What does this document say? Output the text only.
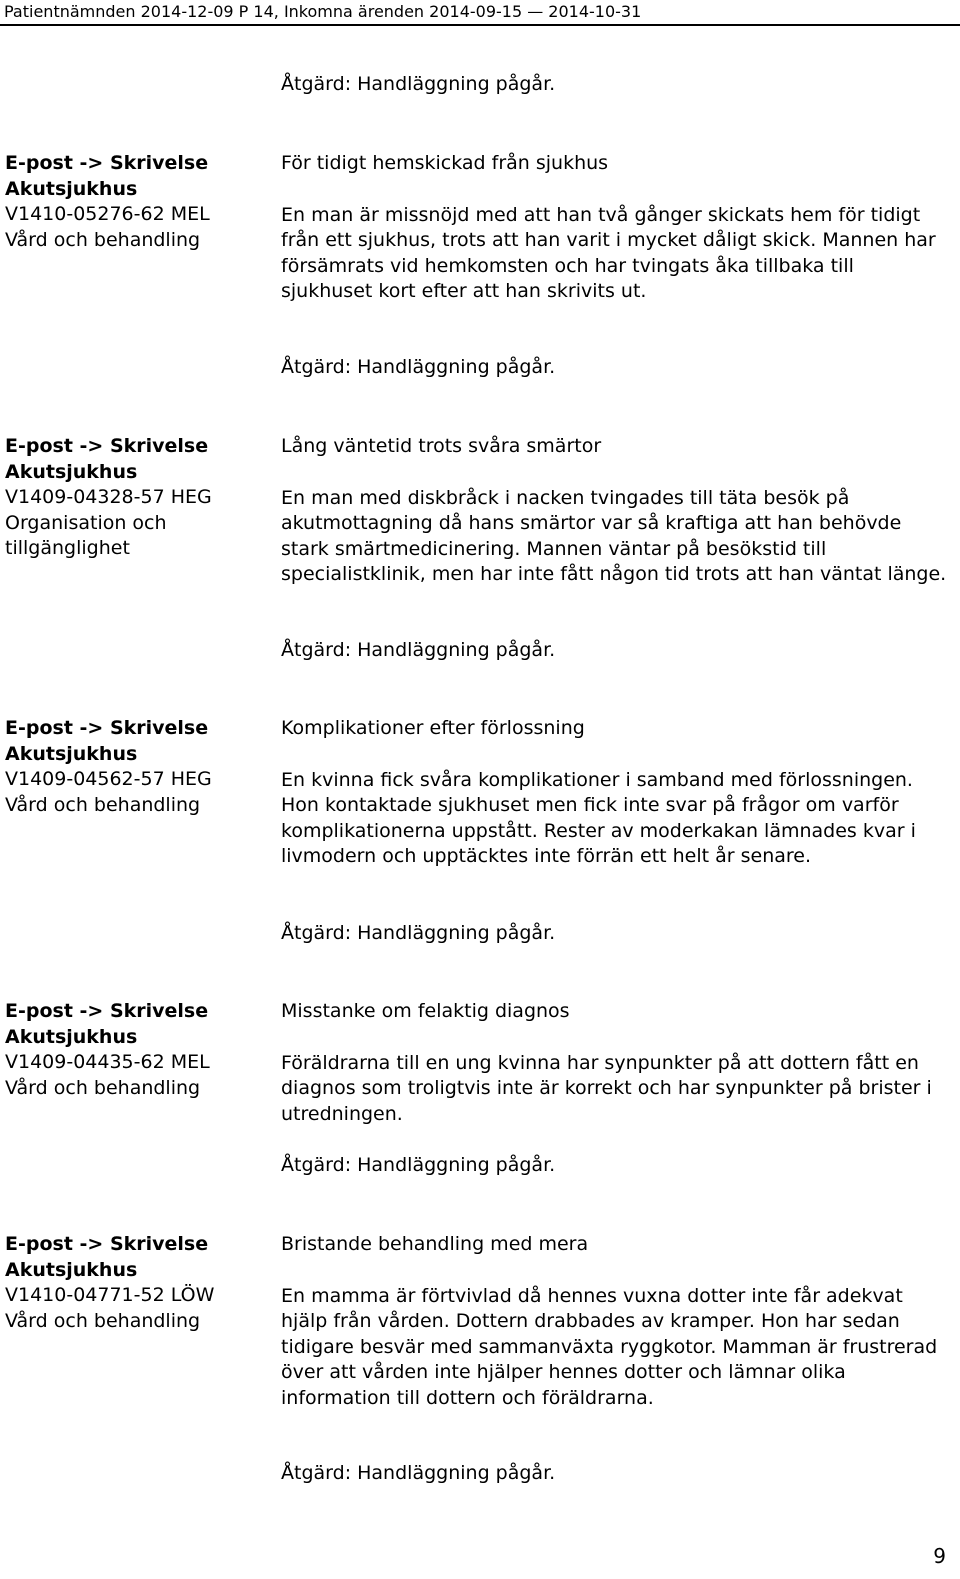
Patientnämnden 2014-12-09 P 14, Inkomna ärenden 2014-09-15 — 2014-10-31
Åtgärd: Handläggning pågår.
E-post -> Skrivelse
Akutsjukhus
V1410-05276-62 MEL
Vård och behandling
För tidigt hemskickad från sjukhus
En man är missnöjd med att han två gånger skickats hem för tidigt från ett sjukhus, trots att han varit i mycket dåligt skick. Mannen har försämrats vid hemkomsten och har tvingats åka tillbaka till sjukhuset kort efter att han skrivits ut.
Åtgärd: Handläggning pågår.
E-post -> Skrivelse
Akutsjukhus
V1409-04328-57 HEG
Organisation och tillgänglighet
Lång väntetid trots svåra smärtor
En man med diskbråck i nacken tvingades till täta besök på akutmottagning då hans smärtor var så kraftiga att han behövde stark smärtmedicinering. Mannen väntar på besökstid till specialistklinik, men har inte fått någon tid trots att han väntat länge.
Åtgärd: Handläggning pågår.
E-post -> Skrivelse
Akutsjukhus
V1409-04562-57 HEG
Vård och behandling
Komplikationer efter förlossning
En kvinna fick svåra komplikationer i samband med förlossningen. Hon kontaktade sjukhuset men fick inte svar på frågor om varför komplikationerna uppstått. Rester av moderkakan lämnades kvar i livmodern och upptäcktes inte förrän ett helt år senare.
Åtgärd: Handläggning pågår.
E-post -> Skrivelse
Akutsjukhus
V1409-04435-62 MEL
Vård och behandling
Misstanke om felaktig diagnos
Föräldrarna till en ung kvinna har synpunkter på att dottern fått en diagnos som troligtvis inte är korrekt och har synpunkter på brister i utredningen.
Åtgärd: Handläggning pågår.
E-post -> Skrivelse
Akutsjukhus
V1410-04771-52 LÖW
Vård och behandling
Bristande behandling med mera
En mamma är förtvivlad då hennes vuxna dotter inte får adekvat hjälp från vården. Dottern drabbades av kramper. Hon har sedan tidigare besvär med sammanväxta ryggkotor. Mamman är frustrerad över att vården inte hjälper hennes dotter och lämnar olika information till dottern och föräldrarna.
Åtgärd: Handläggning pågår.
9
